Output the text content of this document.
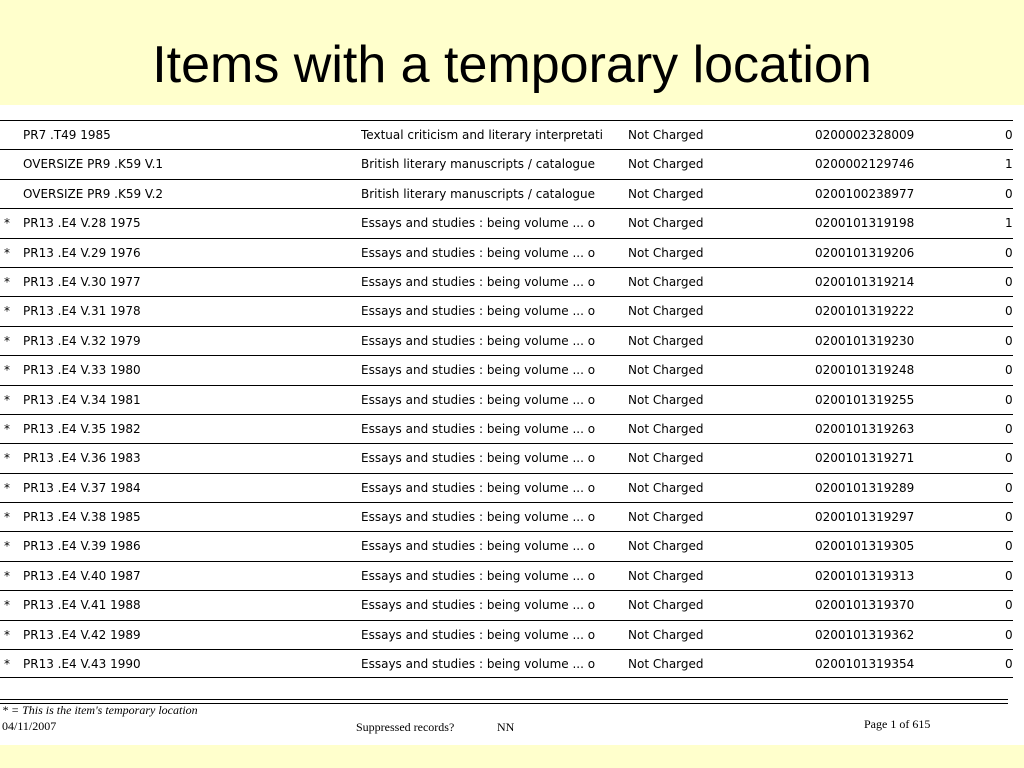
Items with a temporary location
PR7 .T49 1985	Textual criticism and literary interpretati	Not Charged	0200002328009	0
OVERSIZE PR9 .K59 V.1	British literary manuscripts / catalogue	Not Charged	0200002129746	1
OVERSIZE PR9 .K59 V.2	British literary manuscripts / catalogue	Not Charged	0200100238977	0
*	PR13 .E4 V.28 1975	Essays and studies : being volume ... o	Not Charged	0200101319198	1
*	PR13 .E4 V.29 1976	Essays and studies : being volume ... o	Not Charged	0200101319206	0
*	PR13 .E4 V.30 1977	Essays and studies : being volume ... o	Not Charged	0200101319214	0
*	PR13 .E4 V.31 1978	Essays and studies : being volume ... o	Not Charged	0200101319222	0
*	PR13 .E4 V.32 1979	Essays and studies : being volume ... o	Not Charged	0200101319230	0
*	PR13 .E4 V.33 1980	Essays and studies : being volume ... o	Not Charged	0200101319248	0
*	PR13 .E4 V.34 1981	Essays and studies : being volume ... o	Not Charged	0200101319255	0
*	PR13 .E4 V.35 1982	Essays and studies : being volume ... o	Not Charged	0200101319263	0
*	PR13 .E4 V.36 1983	Essays and studies : being volume ... o	Not Charged	0200101319271	0
*	PR13 .E4 V.37 1984	Essays and studies : being volume ... o	Not Charged	0200101319289	0
*	PR13 .E4 V.38 1985	Essays and studies : being volume ... o	Not Charged	0200101319297	0
*	PR13 .E4 V.39 1986	Essays and studies : being volume ... o	Not Charged	0200101319305	0
*	PR13 .E4 V.40 1987	Essays and studies : being volume ... o	Not Charged	0200101319313	0
*	PR13 .E4 V.41 1988	Essays and studies : being volume ... o	Not Charged	0200101319370	0
*	PR13 .E4 V.42 1989	Essays and studies : being volume ... o	Not Charged	0200101319362	0
*	PR13 .E4 V.43 1990	Essays and studies : being volume ... o	Not Charged	0200101319354	0
* = This is the item's temporary location
04/11/2007	Suppressed records?	NN	Page 1 of 615
